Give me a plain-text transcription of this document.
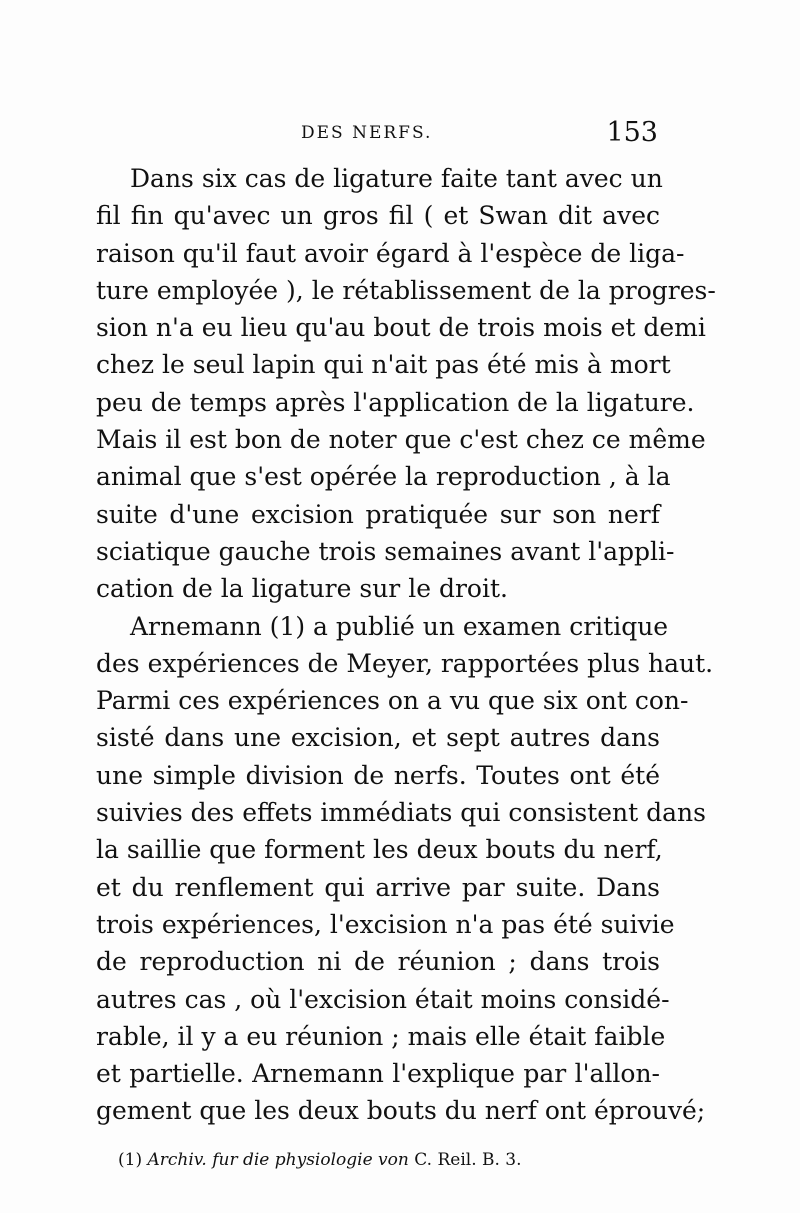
DES NERFS.	153
Dans six cas de ligature faite tant avec un
fil fin qu'avec un gros fil ( et Swan dit avec
raison qu'il faut avoir égard à l'espèce de liga-
ture employée ), le rétablissement de la progres-
sion n'a eu lieu qu'au bout de trois mois et demi
chez le seul lapin qui n'ait pas été mis à mort
peu de temps après l'application de la ligature.
Mais il est bon de noter que c'est chez ce même
animal que s'est opérée la reproduction , à la
suite d'une excision pratiquée sur son nerf
sciatique gauche trois semaines avant l'appli-
cation de la ligature sur le droit.
Arnemann (1) a publié un examen critique
des expériences de Meyer, rapportées plus haut.
Parmi ces expériences on a vu que six ont con-
sisté dans une excision, et sept autres dans
une simple division de nerfs. Toutes ont été
suivies des effets immédiats qui consistent dans
la saillie que forment les deux bouts du nerf,
et du renflement qui arrive par suite. Dans
trois expériences, l'excision n'a pas été suivie
de reproduction ni de réunion ; dans trois
autres cas , où l'excision était moins considé-
rable, il y a eu réunion ; mais elle était faible
et partielle. Arnemann l'explique par l'allon-
gement que les deux bouts du nerf ont éprouvé;
(1) Archiv. fur die physiologie von C. Reil. B. 3.
